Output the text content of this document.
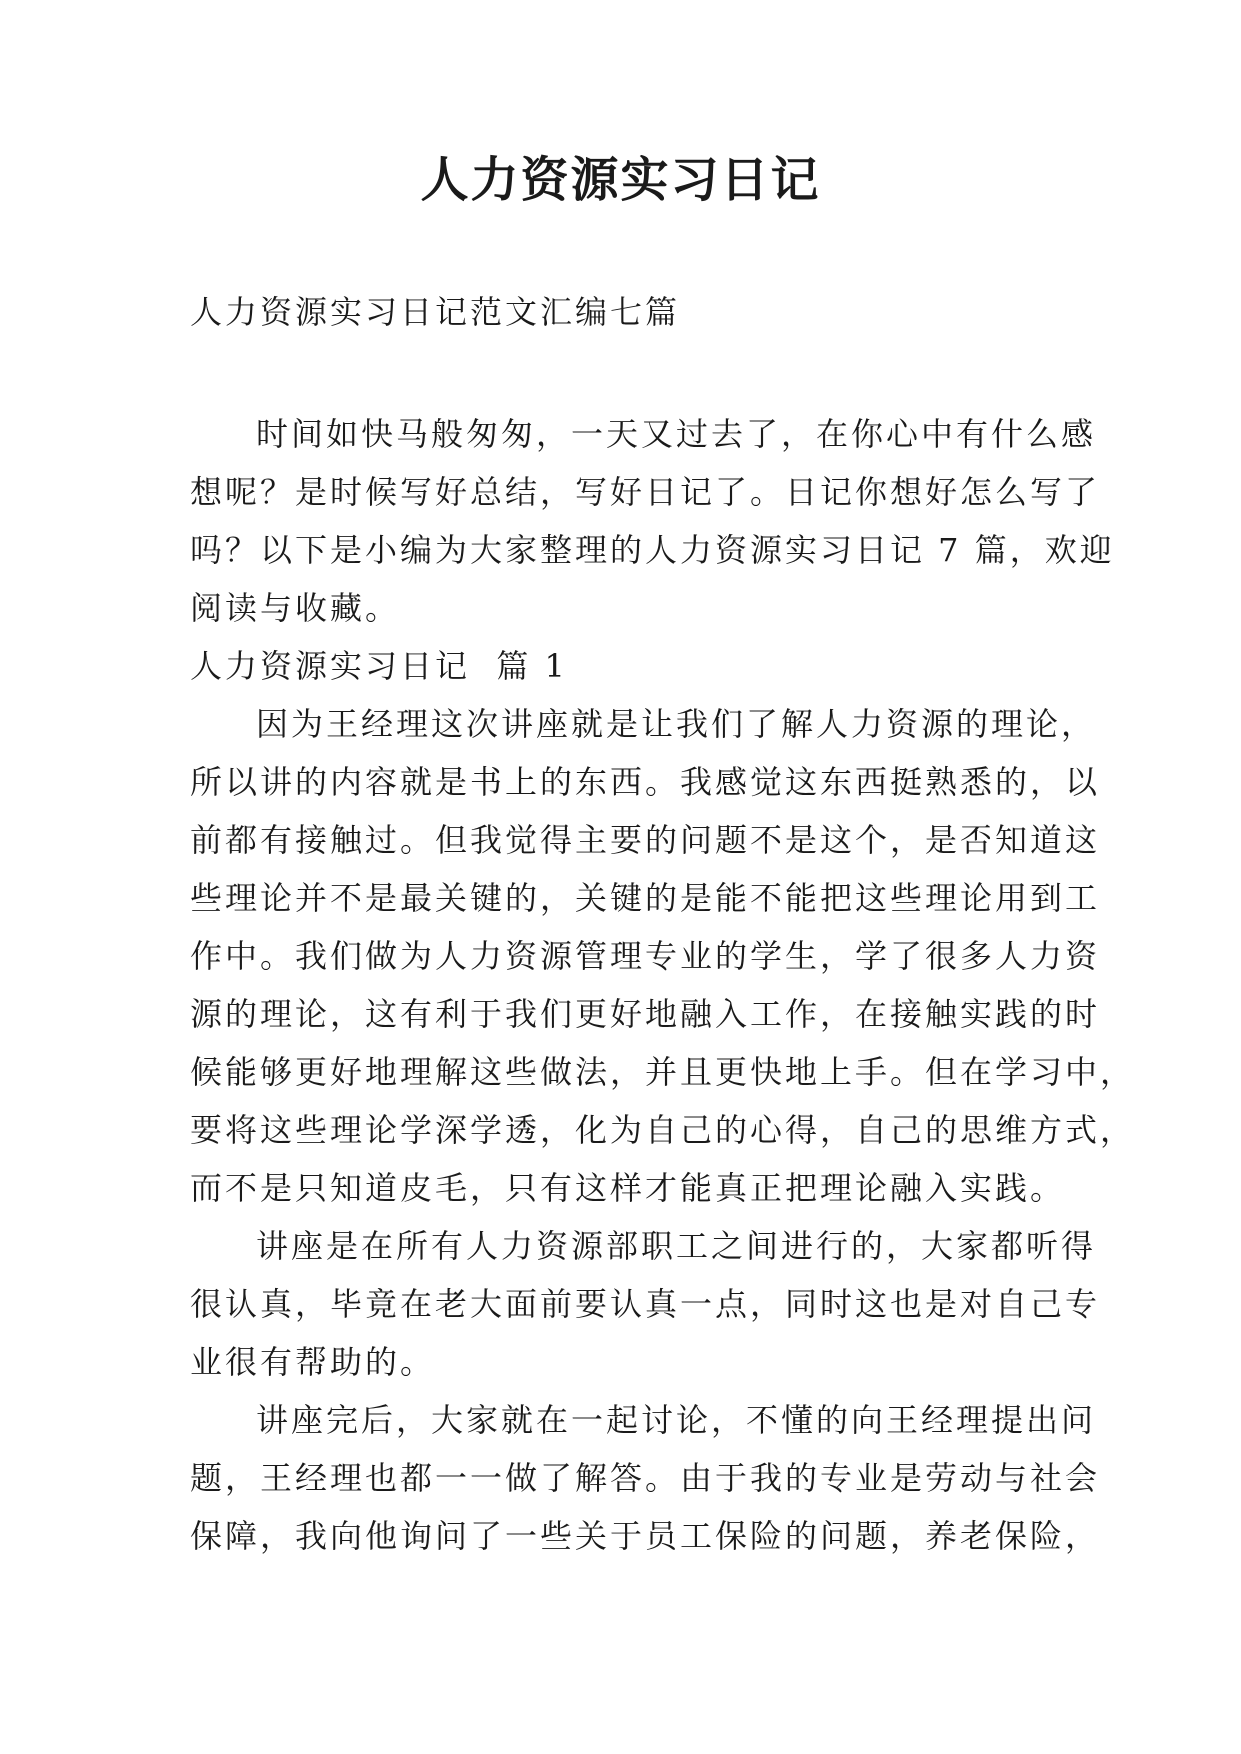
人力资源实习日记
人力资源实习日记范文汇编七篇

时间如快马般匆匆，一天又过去了，在你心中有什么感
想呢？是时候写好总结，写好日记了。日记你想好怎么写了
吗？以下是小编为大家整理的人力资源实习日记 7 篇，欢迎
阅读与收藏。

人力资源实习日记  篇 1

因为王经理这次讲座就是让我们了解人力资源的理论，
所以讲的内容就是书上的东西。我感觉这东西挺熟悉的，以
前都有接触过。但我觉得主要的问题不是这个，是否知道这
些理论并不是最关键的，关键的是能不能把这些理论用到工
作中。我们做为人力资源管理专业的学生，学了很多人力资
源的理论，这有利于我们更好地融入工作，在接触实践的时
候能够更好地理解这些做法，并且更快地上手。但在学习中，
要将这些理论学深学透，化为自己的心得，自己的思维方式，
而不是只知道皮毛，只有这样才能真正把理论融入实践。

讲座是在所有人力资源部职工之间进行的，大家都听得
很认真，毕竟在老大面前要认真一点，同时这也是对自己专
业很有帮助的。

讲座完后，大家就在一起讨论，不懂的向王经理提出问
题，王经理也都一一做了解答。由于我的专业是劳动与社会
保障，我向他询问了一些关于员工保险的问题，养老保险，
